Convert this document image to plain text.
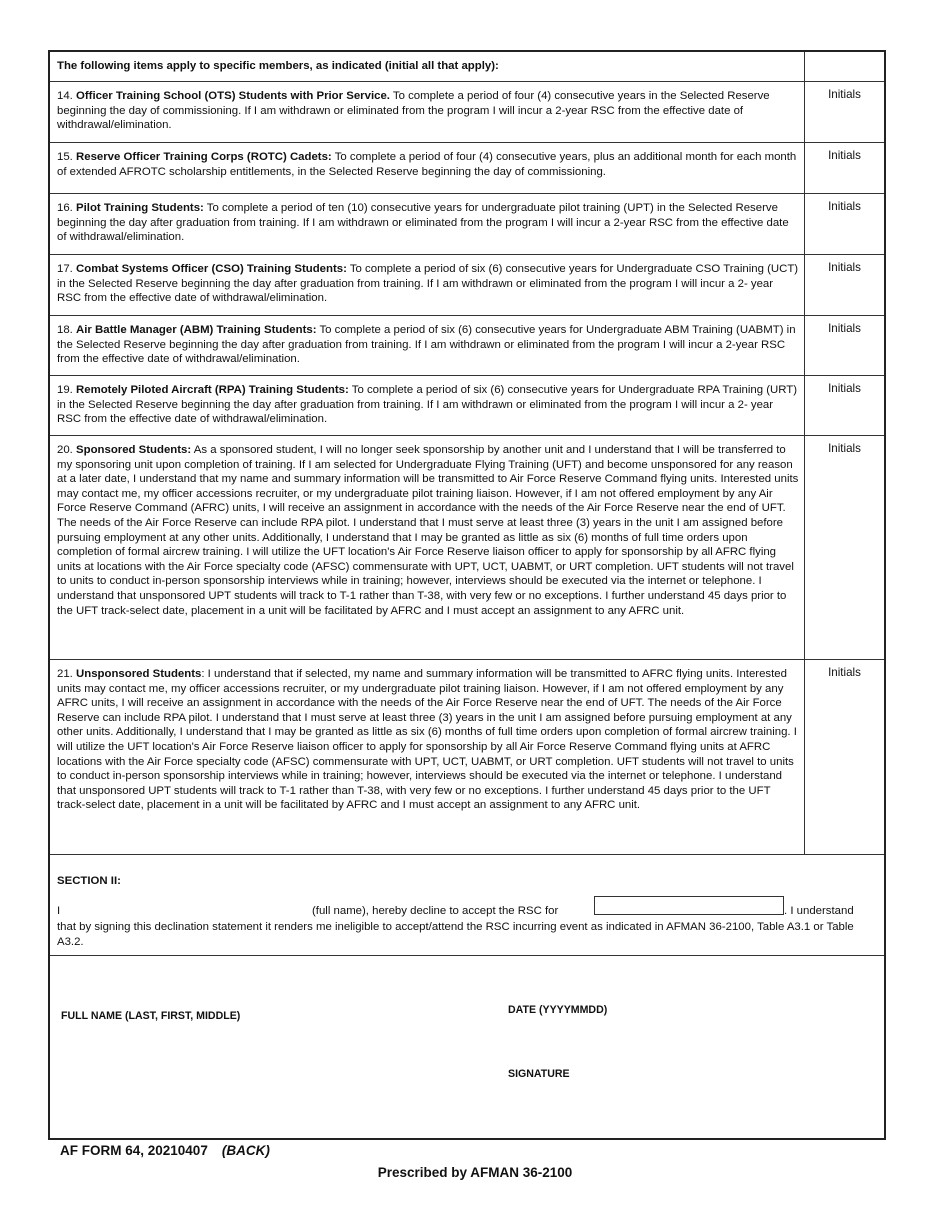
The following items apply to specific members, as indicated (initial all that apply):
14. Officer Training School (OTS) Students with Prior Service. To complete a period of four (4) consecutive years in the Selected Reserve beginning the day of commissioning. If I am withdrawn or eliminated from the program I will incur a 2-year RSC from the effective date of withdrawal/elimination.
Initials
15. Reserve Officer Training Corps (ROTC) Cadets: To complete a period of four (4) consecutive years, plus an additional month for each month of extended AFROTC scholarship entitlements, in the Selected Reserve beginning the day of commissioning.
Initials
16. Pilot Training Students: To complete a period of ten (10) consecutive years for undergraduate pilot training (UPT) in the Selected Reserve beginning the day after graduation from training. If I am withdrawn or eliminated from the program I will incur a 2-year RSC from the effective date of withdrawal/elimination.
Initials
17. Combat Systems Officer (CSO) Training Students: To complete a period of six (6) consecutive years for Undergraduate CSO Training (UCT) in the Selected Reserve beginning the day after graduation from training. If I am withdrawn or eliminated from the program I will incur a 2- year RSC from the effective date of withdrawal/elimination.
Initials
18. Air Battle Manager (ABM) Training Students: To complete a period of six (6) consecutive years for Undergraduate ABM Training (UABMT) in the Selected Reserve beginning the day after graduation from training. If I am withdrawn or eliminated from the program I will incur a 2-year RSC from the effective date of withdrawal/elimination.
Initials
19. Remotely Piloted Aircraft (RPA) Training Students: To complete a period of six (6) consecutive years for Undergraduate RPA Training (URT) in the Selected Reserve beginning the day after graduation from training. If I am withdrawn or eliminated from the program I will incur a 2- year RSC from the effective date of withdrawal/elimination.
Initials
20. Sponsored Students: As a sponsored student, I will no longer seek sponsorship by another unit and I understand that I will be transferred to my sponsoring unit upon completion of training. If I am selected for Undergraduate Flying Training (UFT) and become unsponsored for any reason at a later date, I understand that my name and summary information will be transmitted to Air Force Reserve Command flying units. Interested units may contact me, my officer accessions recruiter, or my undergraduate pilot training liaison. However, if I am not offered employment by any Air Force Reserve Command (AFRC) units, I will receive an assignment in accordance with the needs of the Air Force Reserve near the end of UFT. The needs of the Air Force Reserve can include RPA pilot. I understand that I must serve at least three (3) years in the unit I am assigned before pursuing employment at any other units. Additionally, I understand that I may be granted as little as six (6) months of full time orders upon completion of formal aircrew training. I will utilize the UFT location's Air Force Reserve liaison officer to apply for sponsorship by all AFRC flying units at locations with the Air Force specialty code (AFSC) commensurate with UPT, UCT, UABMT, or URT completion. UFT students will not travel to units to conduct in-person sponsorship interviews while in training; however, interviews should be executed via the internet or telephone. I understand that unsponsored UPT students will track to T-1 rather than T-38, with very few or no exceptions. I further understand 45 days prior to the UFT track-select date, placement in a unit will be facilitated by AFRC and I must accept an assignment to any AFRC unit.
Initials
21. Unsponsored Students: I understand that if selected, my name and summary information will be transmitted to AFRC flying units. Interested units may contact me, my officer accessions recruiter, or my undergraduate pilot training liaison. However, if I am not offered employment by any AFRC units, I will receive an assignment in accordance with the needs of the Air Force Reserve near the end of UFT. The needs of the Air Force Reserve can include RPA pilot. I understand that I must serve at least three (3) years in the unit I am assigned before pursuing employment at any other units. Additionally, I understand that I may be granted as little as six (6) months of full time orders upon completion of formal aircrew training. I will utilize the UFT location's Air Force Reserve liaison officer to apply for sponsorship by all Air Force Reserve Command flying units at AFRC locations with the Air Force specialty code (AFSC) commensurate with UPT, UCT, UABMT, or URT completion. UFT students will not travel to units to conduct in-person sponsorship interviews while in training; however, interviews should be executed via the internet or telephone. I understand that unsponsored UPT students will track to T-1 rather than T-38, with very few or no exceptions. I further understand 45 days prior to the UFT track-select date, placement in a unit will be facilitated by AFRC and I must accept an assignment to any AFRC unit.
Initials
SECTION II:
I	(full name), hereby decline to accept the RSC for	. I understand
that by signing this declination statement it renders me ineligible to accept/attend the RSC incurring event as indicated in AFMAN 36-2100, Table A3.1 or Table A3.2.
FULL NAME (LAST, FIRST, MIDDLE)	DATE (YYYYMMDD)
SIGNATURE
AF FORM 64, 20210407 (BACK)
Prescribed by AFMAN 36-2100
